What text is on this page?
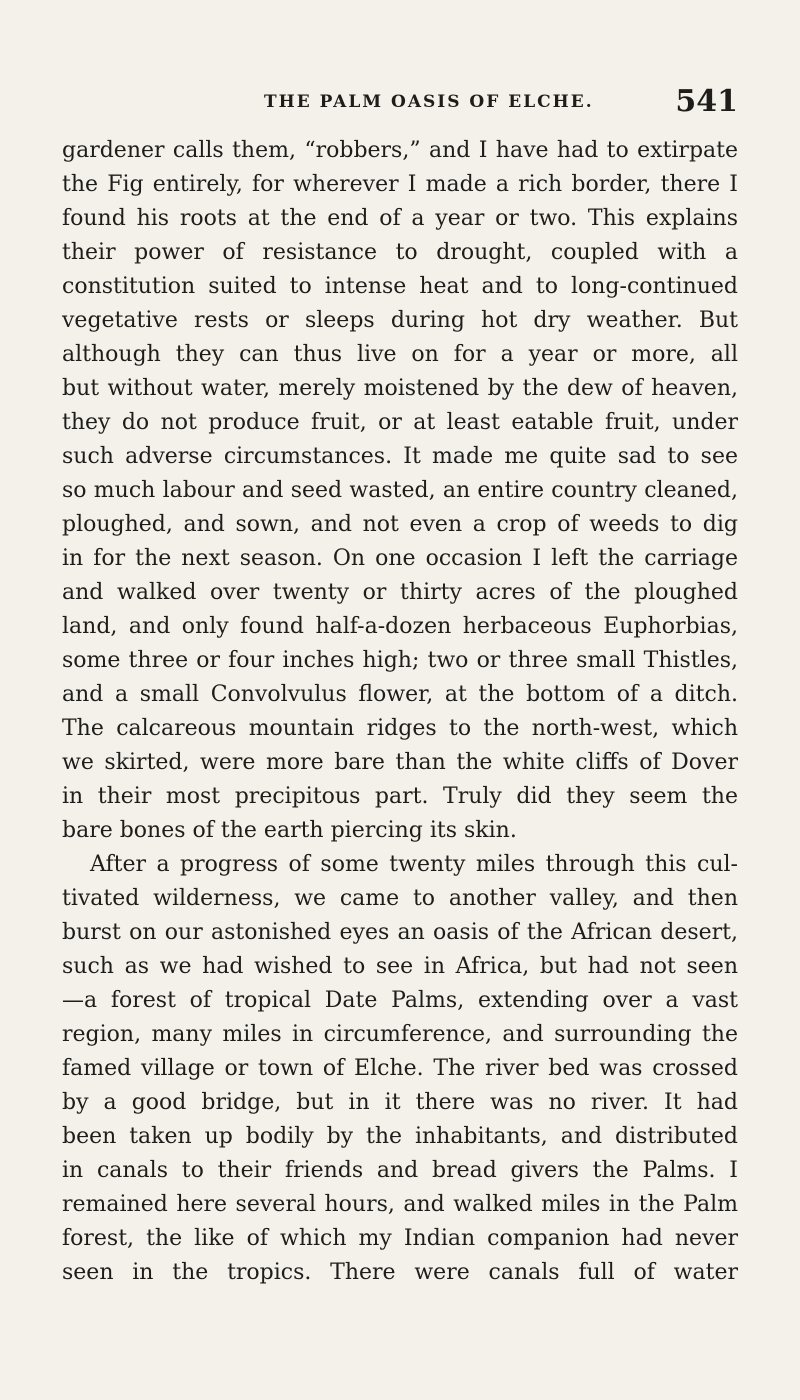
THE PALM OASIS OF ELCHE.	541
gardener calls them, “robbers,” and I have had to extirpate
the Fig entirely, for wherever I made a rich border, there I
found his roots at the end of a year or two. This explains
their power of resistance to drought, coupled with a
constitution suited to intense heat and to long-continued
vegetative rests or sleeps during hot dry weather. But
although they can thus live on for a year or more, all
but without water, merely moistened by the dew of heaven,
they do not produce fruit, or at least eatable fruit, under
such adverse circumstances. It made me quite sad to see
so much labour and seed wasted, an entire country cleaned,
ploughed, and sown, and not even a crop of weeds to dig
in for the next season. On one occasion I left the carriage
and walked over twenty or thirty acres of the ploughed
land, and only found half-a-dozen herbaceous Euphorbias,
some three or four inches high; two or three small Thistles,
and a small Convolvulus flower, at the bottom of a ditch.
The calcareous mountain ridges to the north-west, which
we skirted, were more bare than the white cliffs of Dover
in their most precipitous part. Truly did they seem the
bare bones of the earth piercing its skin.
After a progress of some twenty miles through this cul-
tivated wilderness, we came to another valley, and then
burst on our astonished eyes an oasis of the African desert,
such as we had wished to see in Africa, but had not seen
—a forest of tropical Date Palms, extending over a vast
region, many miles in circumference, and surrounding the
famed village or town of Elche. The river bed was crossed
by a good bridge, but in it there was no river. It had
been taken up bodily by the inhabitants, and distributed
in canals to their friends and bread givers the Palms. I
remained here several hours, and walked miles in the Palm
forest, the like of which my Indian companion had never
seen in the tropics. There were canals full of water
